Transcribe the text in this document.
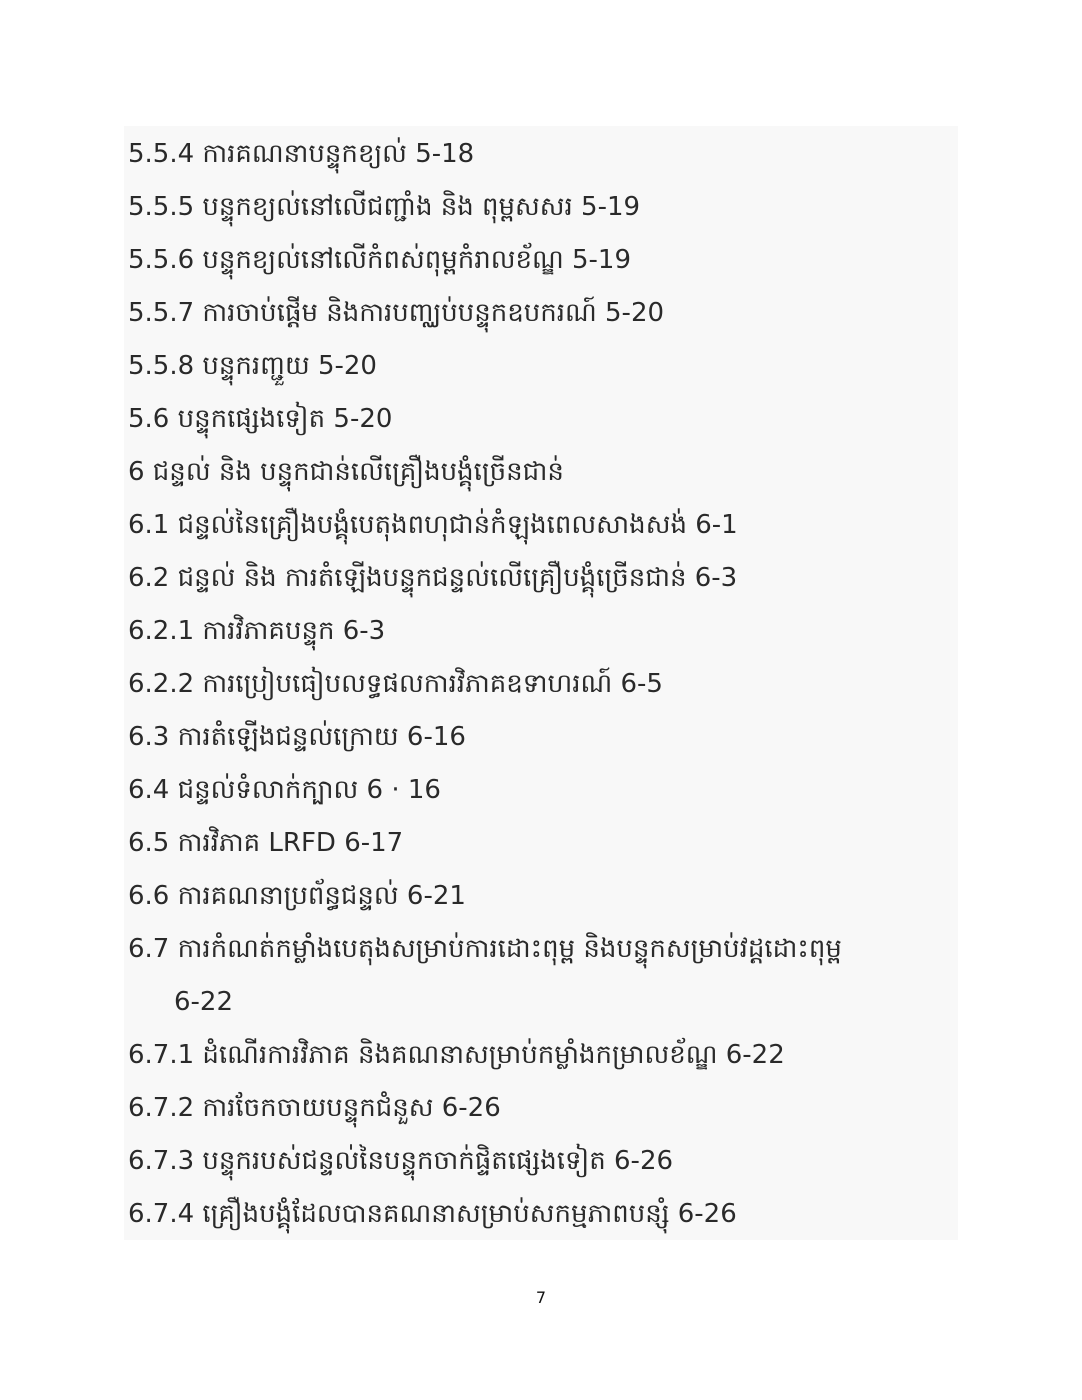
5.5.4 ការគណនាបន្ទុកខ្យល់ 5-18
5.5.5 បន្ទុកខ្យល់នៅលើជញ្ជាំង និង ពុម្ពសសរ 5-19
5.5.6 បន្ទុកខ្យល់នៅលើកំពស់ពុម្ពកំរាលខ័ណ្ឌ 5-19
5.5.7 ការចាប់ផ្តើម និងការបញ្ឈប់បន្ទុកឧបករណ៍ 5-20
5.5.8 បន្ទុករញ្ជួយ 5-20
5.6 បន្ទុកផ្សេងទៀត 5-20
6 ជន្ទល់ និង បន្ទុកជាន់លើគ្រឿងបង្គុំច្រើនជាន់
6.1 ជន្ទល់នៃគ្រឿងបង្គុំបេតុងពហុជាន់កំឡុងពេលសាងសង់ 6-1
6.2 ជន្ទល់ និង ការតំឡើងបន្ទុកជន្ទល់លើគ្រឿបង្គុំច្រើនជាន់ 6-3
6.2.1 ការវិភាគបន្ទុក 6-3
6.2.2 ការប្រៀបធៀបលទ្ធផលការវិភាគឧទាហរណ៍ 6-5
6.3 ការតំឡើងជន្ទល់ក្រោយ 6-16
6.4 ជន្ទល់ទំលាក់ក្បាល 6 · 16
6.5 ការវិភាគ LRFD 6-17
6.6 ការគណនាប្រព័ន្ធជន្ទល់ 6-21
6.7 ការកំណត់កម្លាំងបេតុងសម្រាប់ការដោះពុម្ព និងបន្ទុកសម្រាប់វដ្តដោះពុម្ព
6-22
6.7.1 ដំណើរការវិភាគ និងគណនាសម្រាប់កម្លាំងកម្រាលខ័ណ្ឌ 6-22
6.7.2 ការចែកចាយបន្ទុកជំនួស 6-26
6.7.3 បន្ទុករបស់ជន្ទល់នៃបន្ទុកចាក់ផ្ទិតផ្សេងទៀត 6-26
6.7.4 គ្រឿងបង្គុំដែលបានគណនាសម្រាប់សកម្មភាពបន្សុំ 6-26
7
